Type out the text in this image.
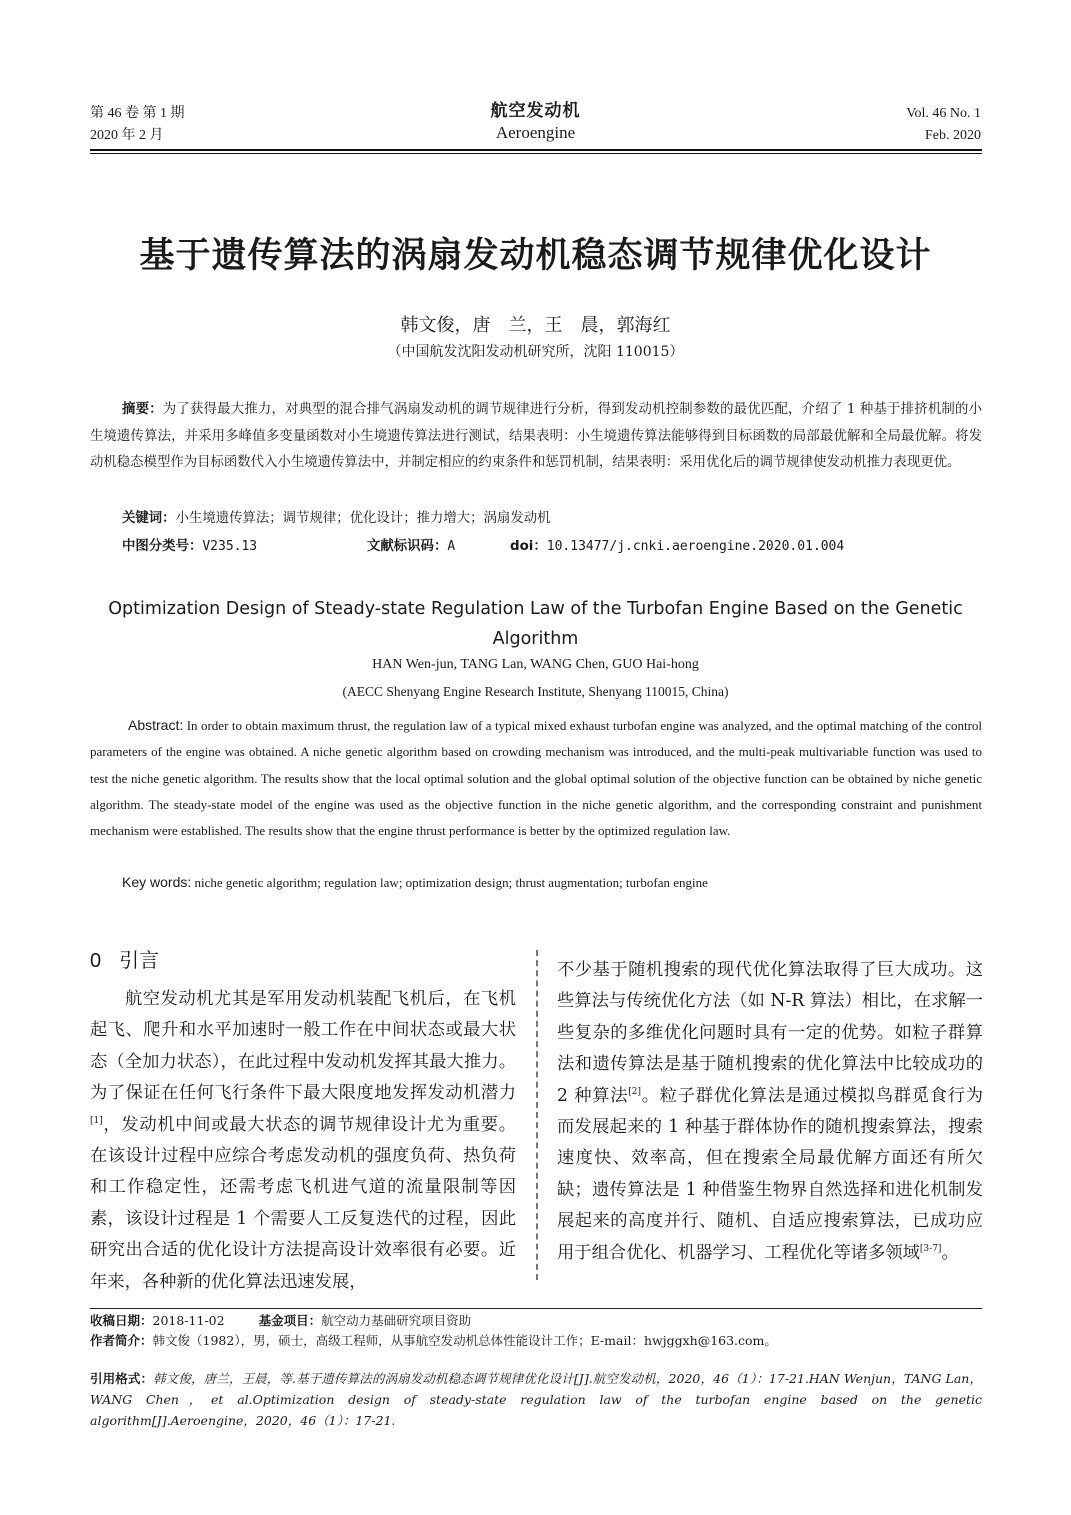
第 46 卷 第 1 期
2020 年 2 月
航空发动机
Aeroengine
Vol. 46 No. 1
Feb. 2020
基于遗传算法的涡扇发动机稳态调节规律优化设计
韩文俊，唐　兰，王　晨，郭海红
（中国航发沈阳发动机研究所，沈阳 110015）
摘要：为了获得最大推力，对典型的混合排气涡扇发动机的调节规律进行分析，得到发动机控制参数的最优匹配，介绍了 1 种基于排挤机制的小生境遗传算法，并采用多峰值多变量函数对小生境遗传算法进行测试，结果表明：小生境遗传算法能够得到目标函数的局部最优解和全局最优解。将发动机稳态模型作为目标函数代入小生境遗传算法中，并制定相应的约束条件和惩罚机制，结果表明：采用优化后的调节规律使发动机推力表现更优。
关键词：小生境遗传算法；调节规律；优化设计；推力增大；涡扇发动机
中图分类号：V235.13	文献标识码：A	doi：10.13477/j.cnki.aeroengine.2020.01.004
Optimization Design of Steady-state Regulation Law of the Turbofan Engine Based on the Genetic Algorithm
HAN Wen-jun, TANG Lan, WANG Chen, GUO Hai-hong
(AECC Shenyang Engine Research Institute, Shenyang 110015, China)
Abstract: In order to obtain maximum thrust, the regulation law of a typical mixed exhaust turbofan engine was analyzed, and the optimal matching of the control parameters of the engine was obtained. A niche genetic algorithm based on crowding mechanism was introduced, and the multi-peak multivariable function was used to test the niche genetic algorithm. The results show that the local optimal solution and the global optimal solution of the objective function can be obtained by niche genetic algorithm. The steady-state model of the engine was used as the objective function in the niche genetic algorithm, and the corresponding constraint and punishment mechanism were established. The results show that the engine thrust performance is better by the optimized regulation law.
Key words: niche genetic algorithm; regulation law; optimization design; thrust augmentation; turbofan engine
0 引言
航空发动机尤其是军用发动机装配飞机后，在飞机起飞、爬升和水平加速时一般工作在中间状态或最大状态（全加力状态），在此过程中发动机发挥其最大推力。为了保证在任何飞行条件下最大限度地发挥发动机潜力[1]，发动机中间或最大状态的调节规律设计尤为重要。在该设计过程中应综合考虑发动机的强度负荷、热负荷和工作稳定性，还需考虑飞机进气道的流量限制等因素，该设计过程是 1 个需要人工反复迭代的过程，因此研究出合适的优化设计方法提高设计效率很有必要。近年来，各种新的优化算法迅速发展，
不少基于随机搜索的现代优化算法取得了巨大成功。这些算法与传统优化方法（如 N-R 算法）相比，在求解一些复杂的多维优化问题时具有一定的优势。如粒子群算法和遗传算法是基于随机搜索的优化算法中比较成功的 2 种算法[2]。粒子群优化算法是通过模拟鸟群觅食行为而发展起来的 1 种基于群体协作的随机搜索算法，搜索速度快、效率高，但在搜索全局最优解方面还有所欠缺；遗传算法是 1 种借鉴生物界自然选择和进化机制发展起来的高度并行、随机、自适应搜索算法，已成功应用于组合优化、机器学习、工程优化等诸多领域[3-7]。
收稿日期：2018-11-02	基金项目：航空动力基础研究项目资助
作者简介：韩文俊（1982），男，硕士，高级工程师，从事航空发动机总体性能设计工作；E-mail：hwjggxh@163.com。
引用格式：韩文俊，唐兰，王晨，等.基于遗传算法的涡扇发动机稳态调节规律优化设计[J].航空发动机，2020，46（1）：17-21.HAN Wenjun，TANG Lan，WANG Chen，et al.Optimization design of steady-state regulation law of the turbofan engine based on the genetic algorithm[J].Aeroengine，2020，46（1）：17-21.
